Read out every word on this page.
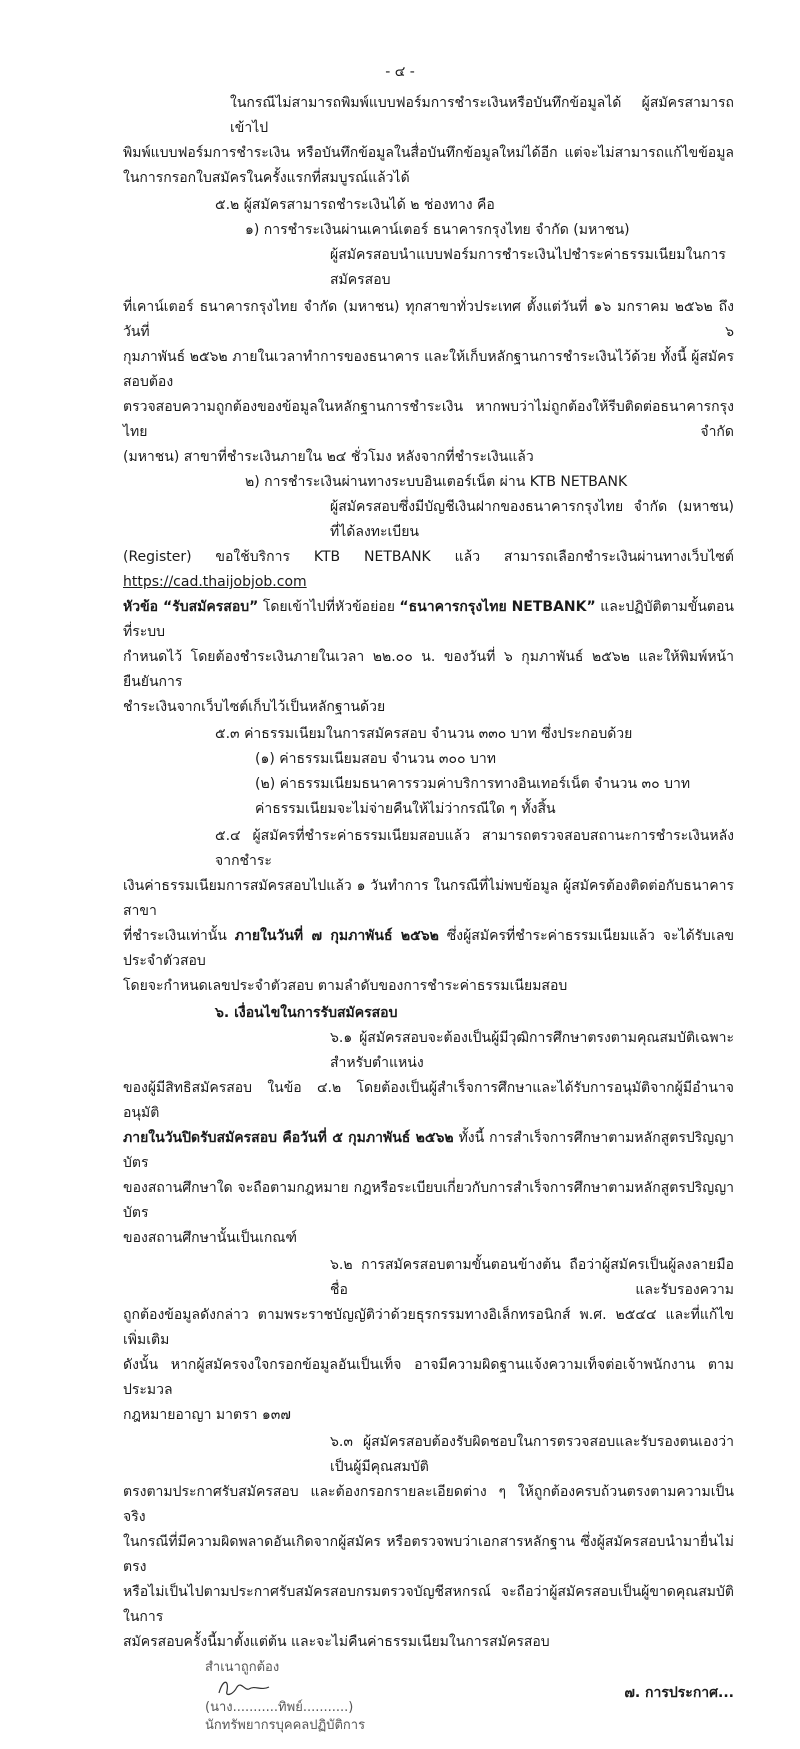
- ๔ -
ในกรณีไม่สามารถพิมพ์แบบฟอร์มการชำระเงินหรือบันทึกข้อมูลได้ ผู้สมัครสามารถเข้าไป
พิมพ์แบบฟอร์มการชำระเงิน หรือบันทึกข้อมูลในสื่อบันทึกข้อมูลใหม่ได้อีก แต่จะไม่สามารถแก้ไขข้อมูล
ในการกรอกใบสมัครในครั้งแรกที่สมบูรณ์แล้วได้
๕.๒ ผู้สมัครสามารถชำระเงินได้ ๒ ช่องทาง คือ
๑) การชำระเงินผ่านเคาน์เตอร์ ธนาคารกรุงไทย จำกัด (มหาชน)
ผู้สมัครสอบนำแบบฟอร์มการชำระเงินไปชำระค่าธรรมเนียมในการสมัครสอบ
ที่เคาน์เตอร์ ธนาคารกรุงไทย จำกัด (มหาชน) ทุกสาขาทั่วประเทศ ตั้งแต่วันที่ ๑๖ มกราคม ๒๕๖๒ ถึงวันที่ ๖
กุมภาพันธ์ ๒๕๖๒ ภายในเวลาทำการของธนาคาร และให้เก็บหลักฐานการชำระเงินไว้ด้วย ทั้งนี้ ผู้สมัครสอบต้อง
ตรวจสอบความถูกต้องของข้อมูลในหลักฐานการชำระเงิน หากพบว่าไม่ถูกต้องให้รีบติดต่อธนาคารกรุงไทย จำกัด
(มหาชน) สาขาที่ชำระเงินภายใน ๒๔ ชั่วโมง หลังจากที่ชำระเงินแล้ว
๒) การชำระเงินผ่านทางระบบอินเตอร์เน็ต ผ่าน KTB NETBANK
ผู้สมัครสอบซึ่งมีบัญชีเงินฝากของธนาคารกรุงไทย จำกัด (มหาชน) ที่ได้ลงทะเบียน
(Register) ขอใช้บริการ KTB NETBANK แล้ว สามารถเลือกชำระเงินผ่านทางเว็บไซต์ https://cad.thaijobjob.com
หัวข้อ “รับสมัครสอบ” โดยเข้าไปที่หัวข้อย่อย “ธนาคารกรุงไทย NETBANK” และปฏิบัติตามขั้นตอนที่ระบบ
กำหนดไว้ โดยต้องชำระเงินภายในเวลา ๒๒.๐๐ น. ของวันที่ ๖ กุมภาพันธ์ ๒๕๖๒ และให้พิมพ์หน้ายืนยันการ
ชำระเงินจากเว็บไซต์เก็บไว้เป็นหลักฐานด้วย
๕.๓ ค่าธรรมเนียมในการสมัครสอบ จำนวน ๓๓๐ บาท ซึ่งประกอบด้วย
(๑) ค่าธรรมเนียมสอบ จำนวน ๓๐๐ บาท
(๒) ค่าธรรมเนียมธนาคารรวมค่าบริการทางอินเทอร์เน็ต จำนวน ๓๐ บาท
ค่าธรรมเนียมจะไม่จ่ายคืนให้ไม่ว่ากรณีใด ๆ ทั้งสิ้น
๕.๔ ผู้สมัครที่ชำระค่าธรรมเนียมสอบแล้ว สามารถตรวจสอบสถานะการชำระเงินหลังจากชำระ
เงินค่าธรรมเนียมการสมัครสอบไปแล้ว ๑ วันทำการ ในกรณีที่ไม่พบข้อมูล ผู้สมัครต้องติดต่อกับธนาคารสาขา
ที่ชำระเงินเท่านั้น ภายในวันที่ ๗ กุมภาพันธ์ ๒๕๖๒ ซึ่งผู้สมัครที่ชำระค่าธรรมเนียมแล้ว จะได้รับเลขประจำตัวสอบ
โดยจะกำหนดเลขประจำตัวสอบ ตามลำดับของการชำระค่าธรรมเนียมสอบ
๖. เงื่อนไขในการรับสมัครสอบ
๖.๑ ผู้สมัครสอบจะต้องเป็นผู้มีวุฒิการศึกษาตรงตามคุณสมบัติเฉพาะสำหรับตำแหน่ง
ของผู้มีสิทธิสมัครสอบ ในข้อ ๔.๒ โดยต้องเป็นผู้สำเร็จการศึกษาและได้รับการอนุมัติจากผู้มีอำนาจอนุมัติ
ภายในวันปิดรับสมัครสอบ คือวันที่ ๕ กุมภาพันธ์ ๒๕๖๒ ทั้งนี้ การสำเร็จการศึกษาตามหลักสูตรปริญญาบัตร
ของสถานศึกษาใด จะถือตามกฎหมาย กฎหรือระเบียบเกี่ยวกับการสำเร็จการศึกษาตามหลักสูตรปริญญาบัตร
ของสถานศึกษานั้นเป็นเกณฑ์
๖.๒ การสมัครสอบตามขั้นตอนข้างต้น ถือว่าผู้สมัครเป็นผู้ลงลายมือชื่อ และรับรองความ
ถูกต้องข้อมูลดังกล่าว ตามพระราชบัญญัติว่าด้วยธุรกรรมทางอิเล็กทรอนิกส์ พ.ศ. ๒๕๔๔ และที่แก้ไขเพิ่มเติม
ดังนั้น หากผู้สมัครจงใจกรอกข้อมูลอันเป็นเท็จ อาจมีความผิดฐานแจ้งความเท็จต่อเจ้าพนักงาน ตามประมวล
กฎหมายอาญา มาตรา ๑๓๗
๖.๓ ผู้สมัครสอบต้องรับผิดชอบในการตรวจสอบและรับรองตนเองว่าเป็นผู้มีคุณสมบัติ
ตรงตามประกาศรับสมัครสอบ และต้องกรอกรายละเอียดต่าง ๆ ให้ถูกต้องครบถ้วนตรงตามความเป็นจริง
ในกรณีที่มีความผิดพลาดอันเกิดจากผู้สมัคร หรือตรวจพบว่าเอกสารหลักฐาน ซึ่งผู้สมัครสอบนำมายื่นไม่ตรง
หรือไม่เป็นไปตามประกาศรับสมัครสอบกรมตรวจบัญชีสหกรณ์ จะถือว่าผู้สมัครสอบเป็นผู้ขาดคุณสมบัติในการ
สมัครสอบครั้งนี้มาตั้งแต่ต้น และจะไม่คืนค่าธรรมเนียมในการสมัครสอบ
สำเนาถูกต้อง
(นาง...........ทิพย์...........)
นักทรัพยากรบุคคลปฏิบัติการ
๗. การประกาศ...
